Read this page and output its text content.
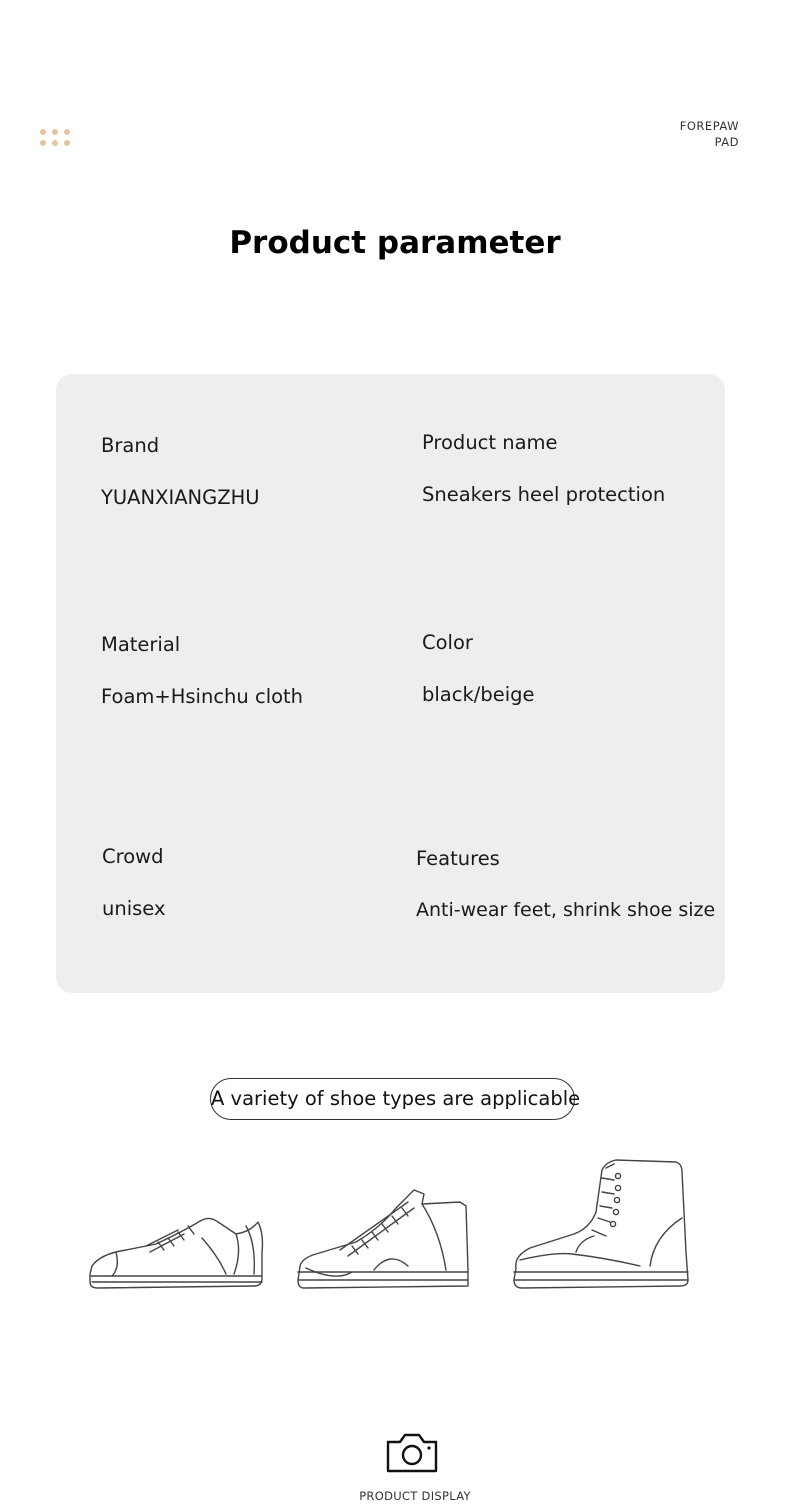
FOREPAW
PAD
Product parameter
Brand
YUANXIANGZHU
Product name
Sneakers heel protection
Material
Foam+Hsinchu cloth
Color
black/beige
Crowd
unisex
Features
Anti-wear feet, shrink shoe size
A variety of shoe types are applicable
PRODUCT DISPLAY
